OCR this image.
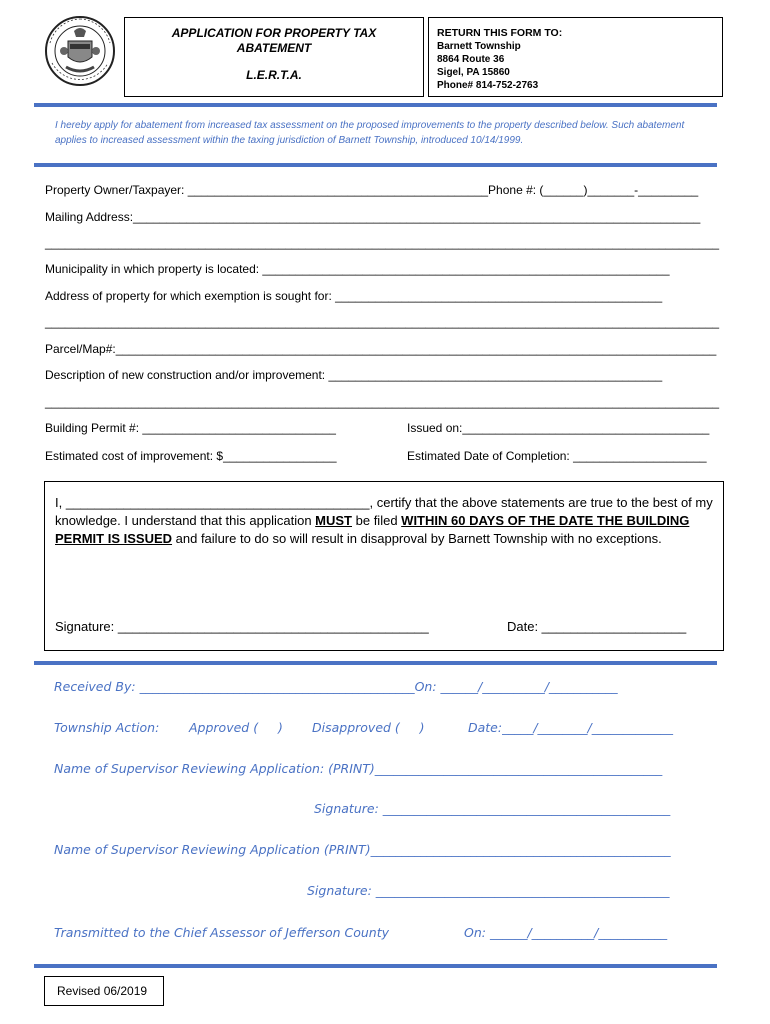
APPLICATION FOR PROPERTY TAX
ABATEMENT
L.E.R.T.A.
RETURN THIS FORM TO:
Barnett Township
8864 Route 36
Sigel, PA 15860
Phone# 814-752-2763
I hereby apply for abatement from increased tax assessment on the proposed improvements to the property described below. Such abatement applies to increased assessment within the taxing jurisdiction of Barnett Township, introduced 10/14/1999.
Property Owner/Taxpayer: _____________________________________________Phone #: (______)_______-_________
Mailing Address:_____________________________________________________________________________________
_____________________________________________________________________________________________________
Municipality in which property is located: _____________________________________________________________
Address of property for which exemption is sought for: _________________________________________________
_____________________________________________________________________________________________________
Parcel/Map#:__________________________________________________________________________________________
Description of new construction and/or improvement: __________________________________________________
_____________________________________________________________________________________________________
Building Permit #: _____________________________	Issued on:_____________________________________
Estimated cost of improvement: $_________________	Estimated Date of Completion: ____________________
I, __________________________________________, certify that the above statements are true to the best of my knowledge. I understand that this application MUST be filed WITHIN 60 DAYS OF THE DATE THE BUILDING PERMIT IS ISSUED and failure to do so will result in disapproval by Barnett Township with no exceptions.
Signature: ___________________________________________	Date: ____________________
Received By: ____________________________________________On: ______/__________/___________
Township Action: Approved (     ) Disapproved (     )	Date:_____/________/_____________
Name of Supervisor Reviewing Application: (PRINT)______________________________________________
Signature: ______________________________________________
Name of Supervisor Reviewing Application (PRINT)________________________________________________
Signature: _______________________________________________
Transmitted to the Chief Assessor of Jefferson County	On: ______/__________/___________
Revised 06/2019
